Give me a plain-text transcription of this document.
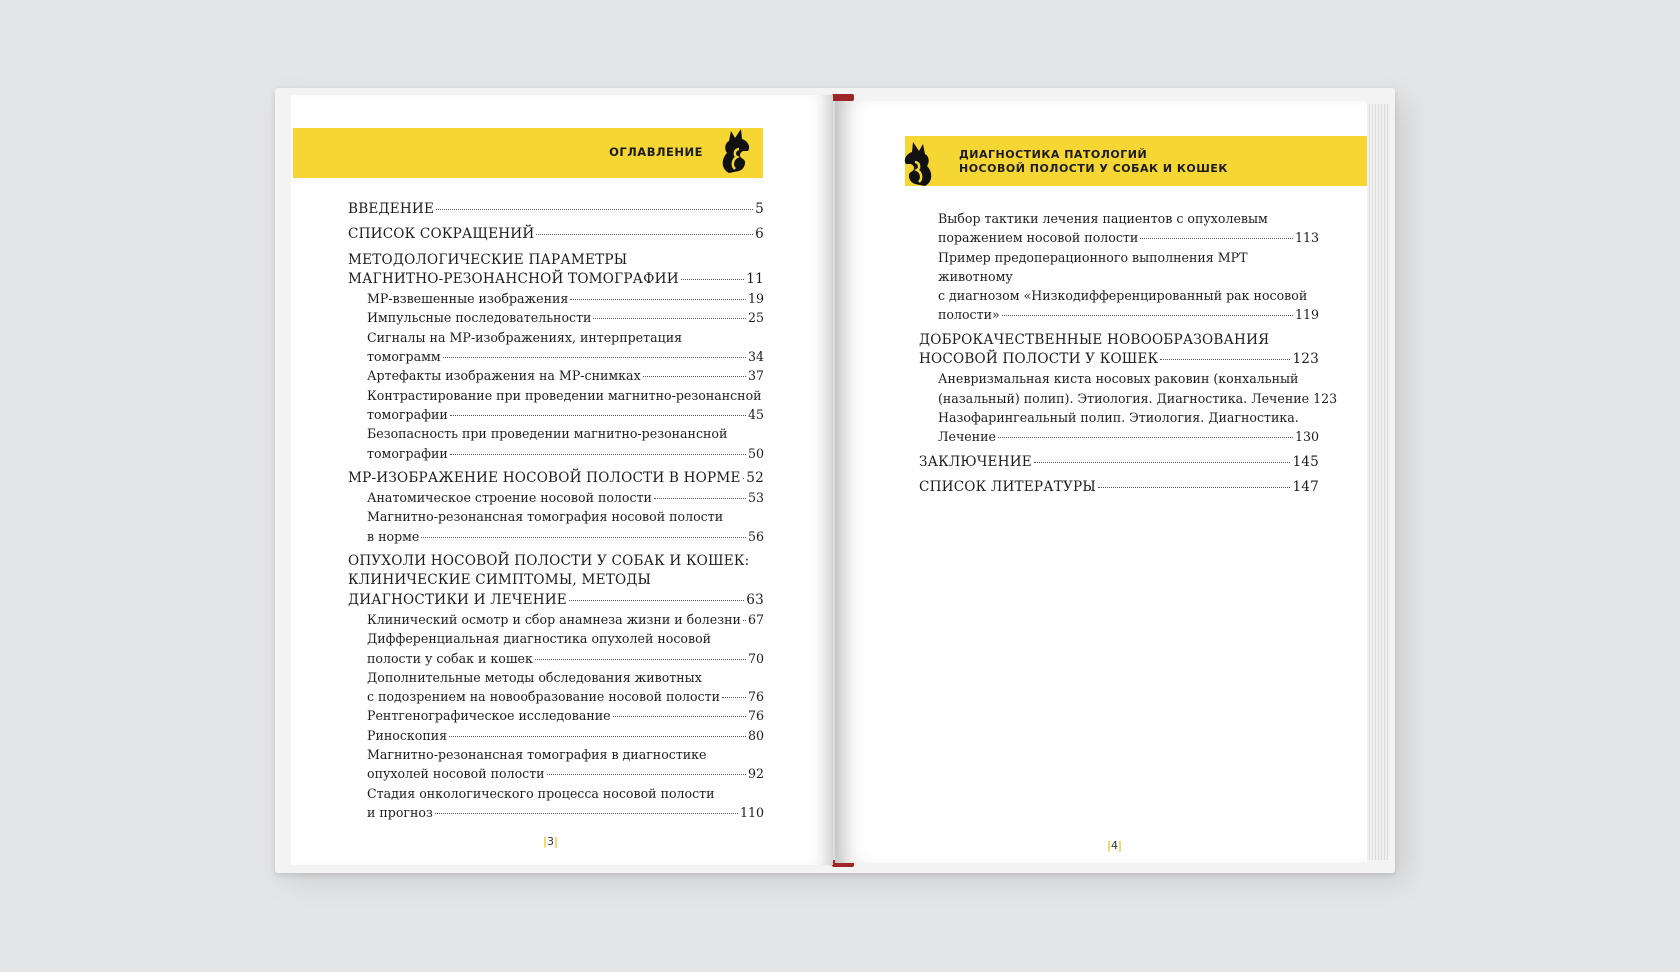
ОГЛАВЛЕНИЕ
ВВЕДЕНИЕ	5
СПИСОК СОКРАЩЕНИЙ	6
МЕТОДОЛОГИЧЕСКИЕ ПАРАМЕТРЫ
МАГНИТНО-РЕЗОНАНСНОЙ ТОМОГРАФИИ	11
МР-взвешенные изображения	19
Импульсные последовательности	25
Сигналы на МР-изображениях, интерпретация
томограмм	34
Артефакты изображения на МР-снимках	37
Контрастирование при проведении магнитно-резонансной
томографии	45
Безопасность при проведении магнитно-резонансной
томографии	50
МР-ИЗОБРАЖЕНИЕ НОСОВОЙ ПОЛОСТИ В НОРМЕ 52
Анатомическое строение носовой полости	53
Магнитно-резонансная томография носовой полости
в норме	56
ОПУХОЛИ НОСОВОЙ ПОЛОСТИ У СОБАК И КОШЕК:
КЛИНИЧЕСКИЕ СИМПТОМЫ, МЕТОДЫ
ДИАГНОСТИКИ И ЛЕЧЕНИЕ	63
Клинический осмотр и сбор анамнеза жизни и болезни 67
Дифференциальная диагностика опухолей носовой
полости у собак и кошек	70
Дополнительные методы обследования животных
с подозрением на новообразование носовой полости 76
Рентгенографическое исследование	76
Риноскопия	80
Магнитно-резонансная томография в диагностике
опухолей носовой полости	92
Стадия онкологического процесса носовой полости
и прогноз	110
|3|
ДИАГНОСТИКА ПАТОЛОГИЙ
НОСОВОЙ ПОЛОСТИ У СОБАК И КОШЕК
Выбор тактики лечения пациентов с опухолевым
поражением носовой полости	113
Пример предоперационного выполнения МРТ животному
с диагнозом «Низкодифференцированный рак носовой
полости»	119
ДОБРОКАЧЕСТВЕННЫЕ НОВООБРАЗОВАНИЯ
НОСОВОЙ ПОЛОСТИ У КОШЕК	123
Аневризмальная киста носовых раковин (конхальный
(назальный) полип). Этиология. Диагностика. Лечение 123
Назофарингеальный полип. Этиология. Диагностика.
Лечение	130
ЗАКЛЮЧЕНИЕ	145
СПИСОК ЛИТЕРАТУРЫ	147
|4|
